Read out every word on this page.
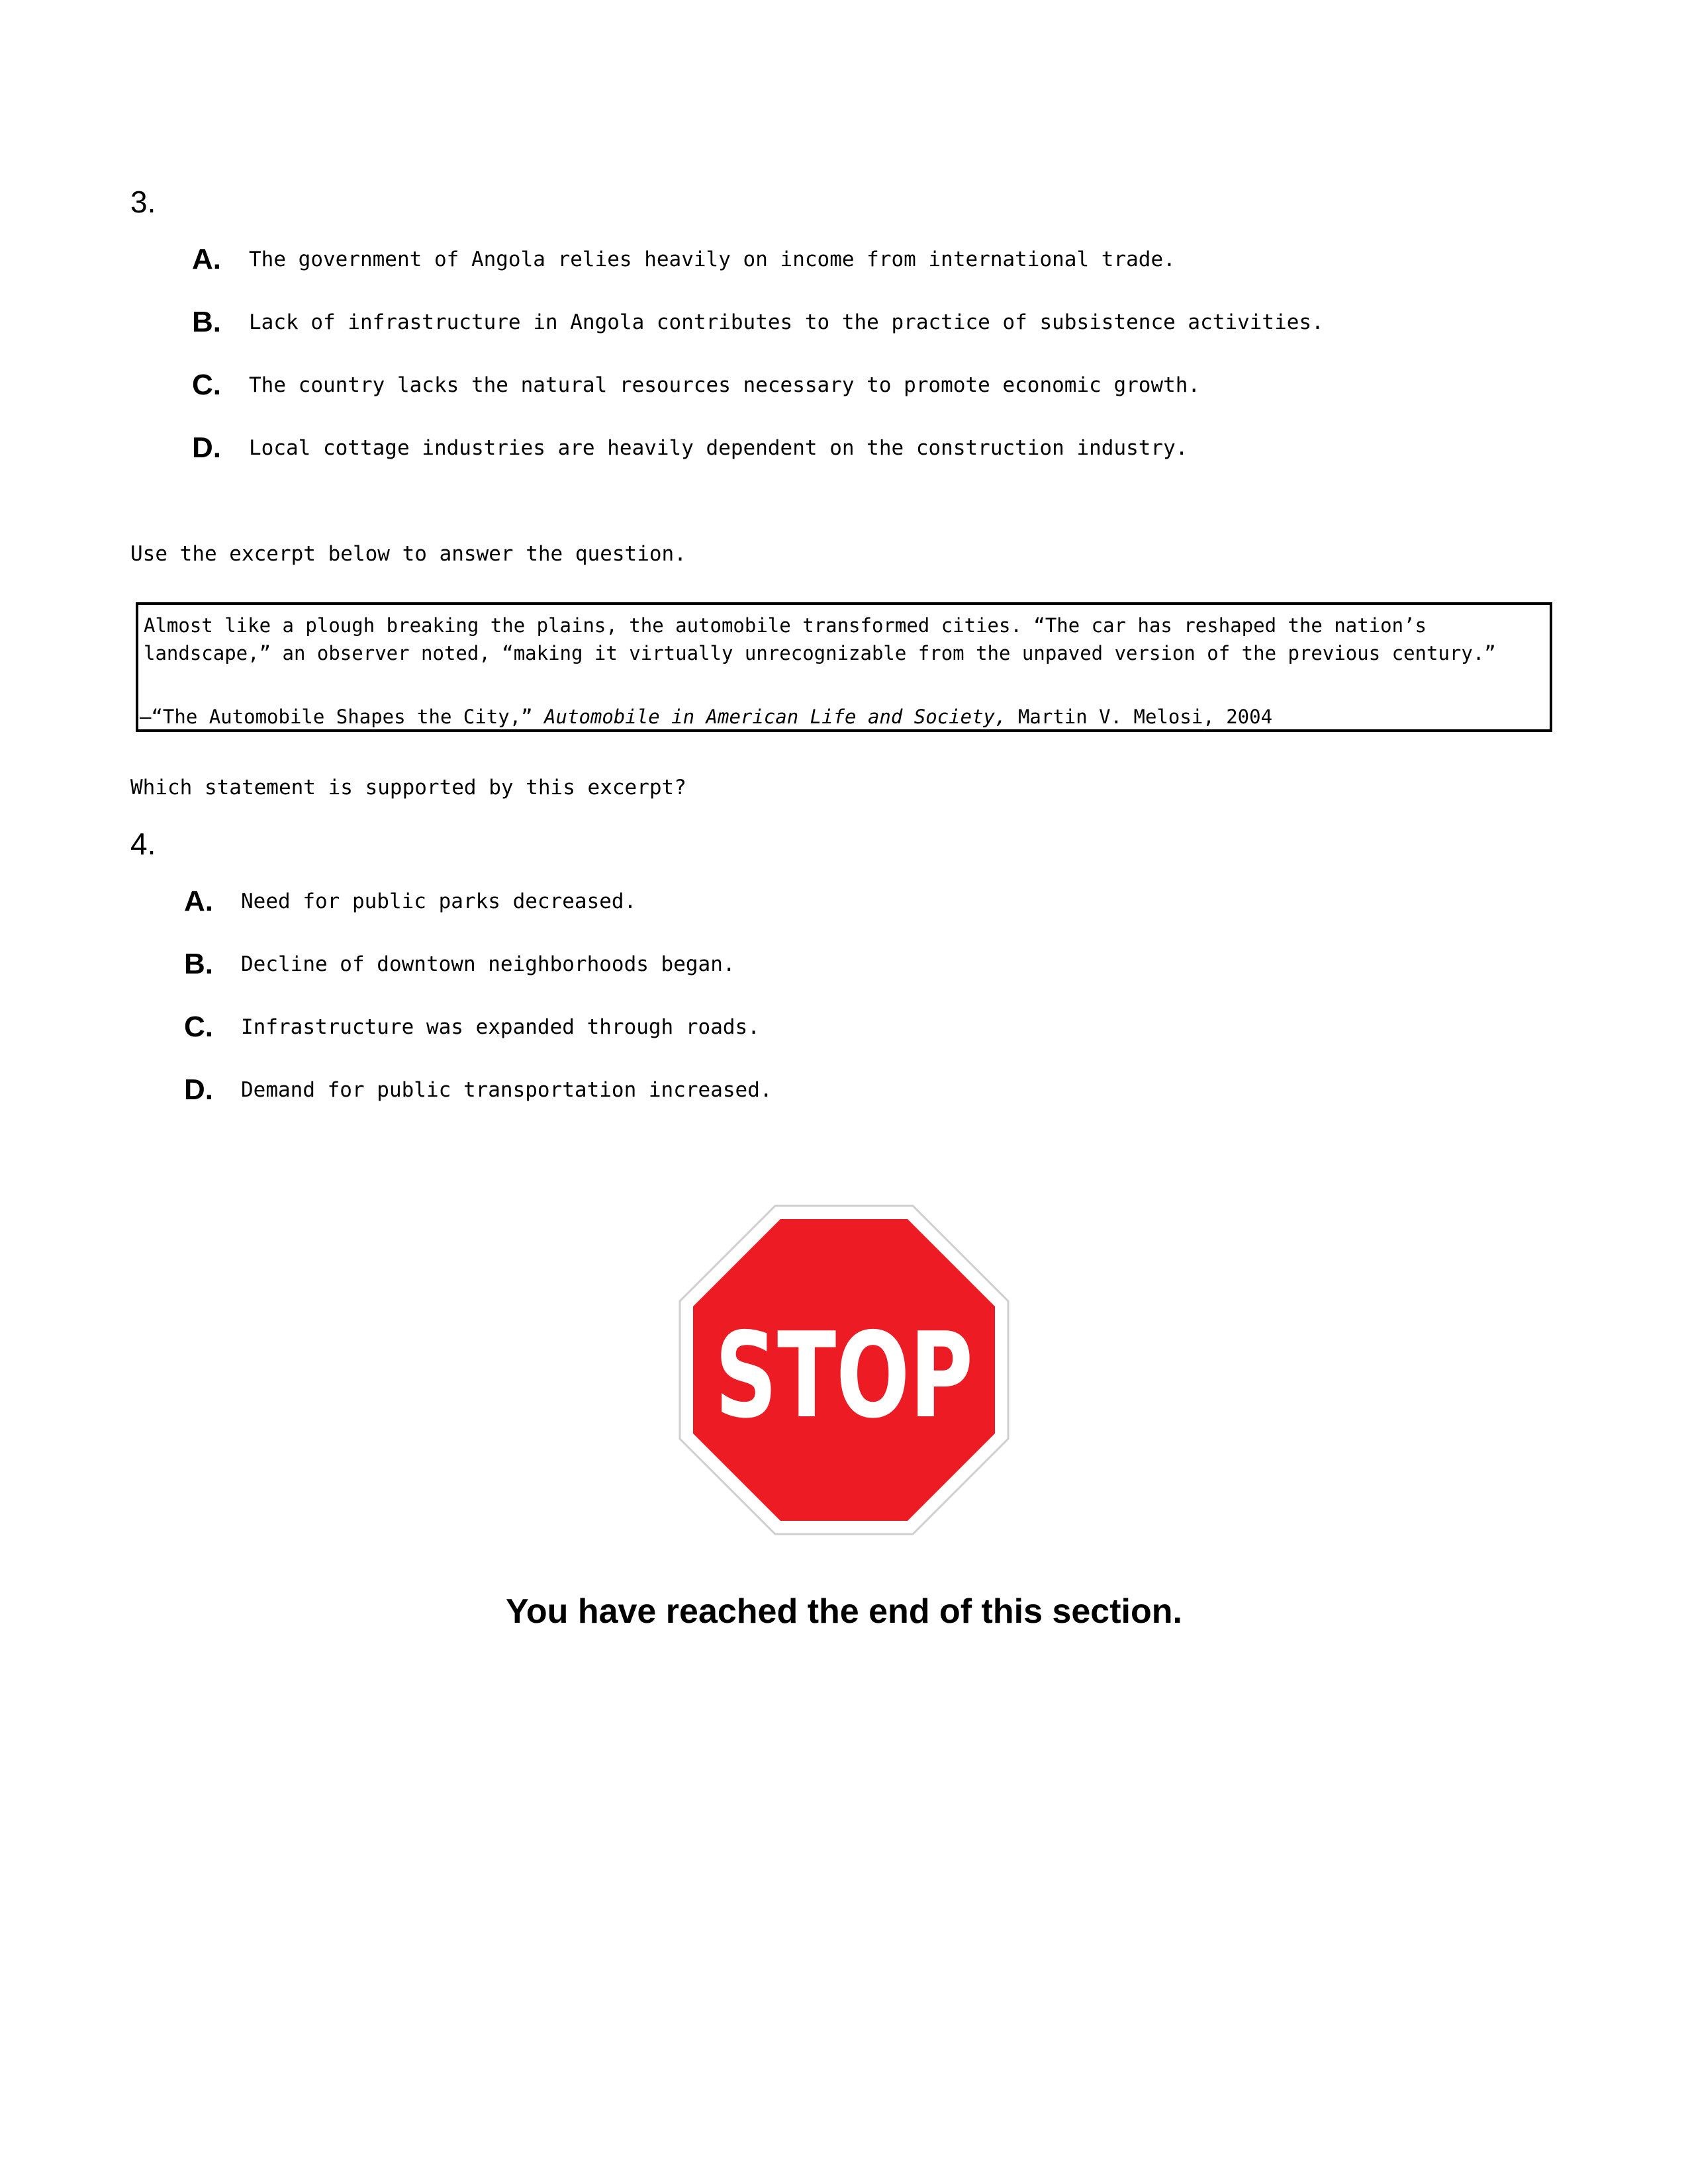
3.
A. The government of Angola relies heavily on income from international trade.
B. Lack of infrastructure in Angola contributes to the practice of subsistence activities.
C. The country lacks the natural resources necessary to promote economic growth.
D. Local cottage industries are heavily dependent on the construction industry.
Use the excerpt below to answer the question.
Almost like a plough breaking the plains, the automobile transformed cities. “The car has reshaped the nation’s
landscape,” an observer noted, “making it virtually unrecognizable from the unpaved version of the previous century.”
—“The Automobile Shapes the City,” Automobile in American Life and Society, Martin V. Melosi, 2004
Which statement is supported by this excerpt?
4.
A. Need for public parks decreased.
B. Decline of downtown neighborhoods began.
C. Infrastructure was expanded through roads.
D. Demand for public transportation increased.
STOP
You have reached the end of this section.
